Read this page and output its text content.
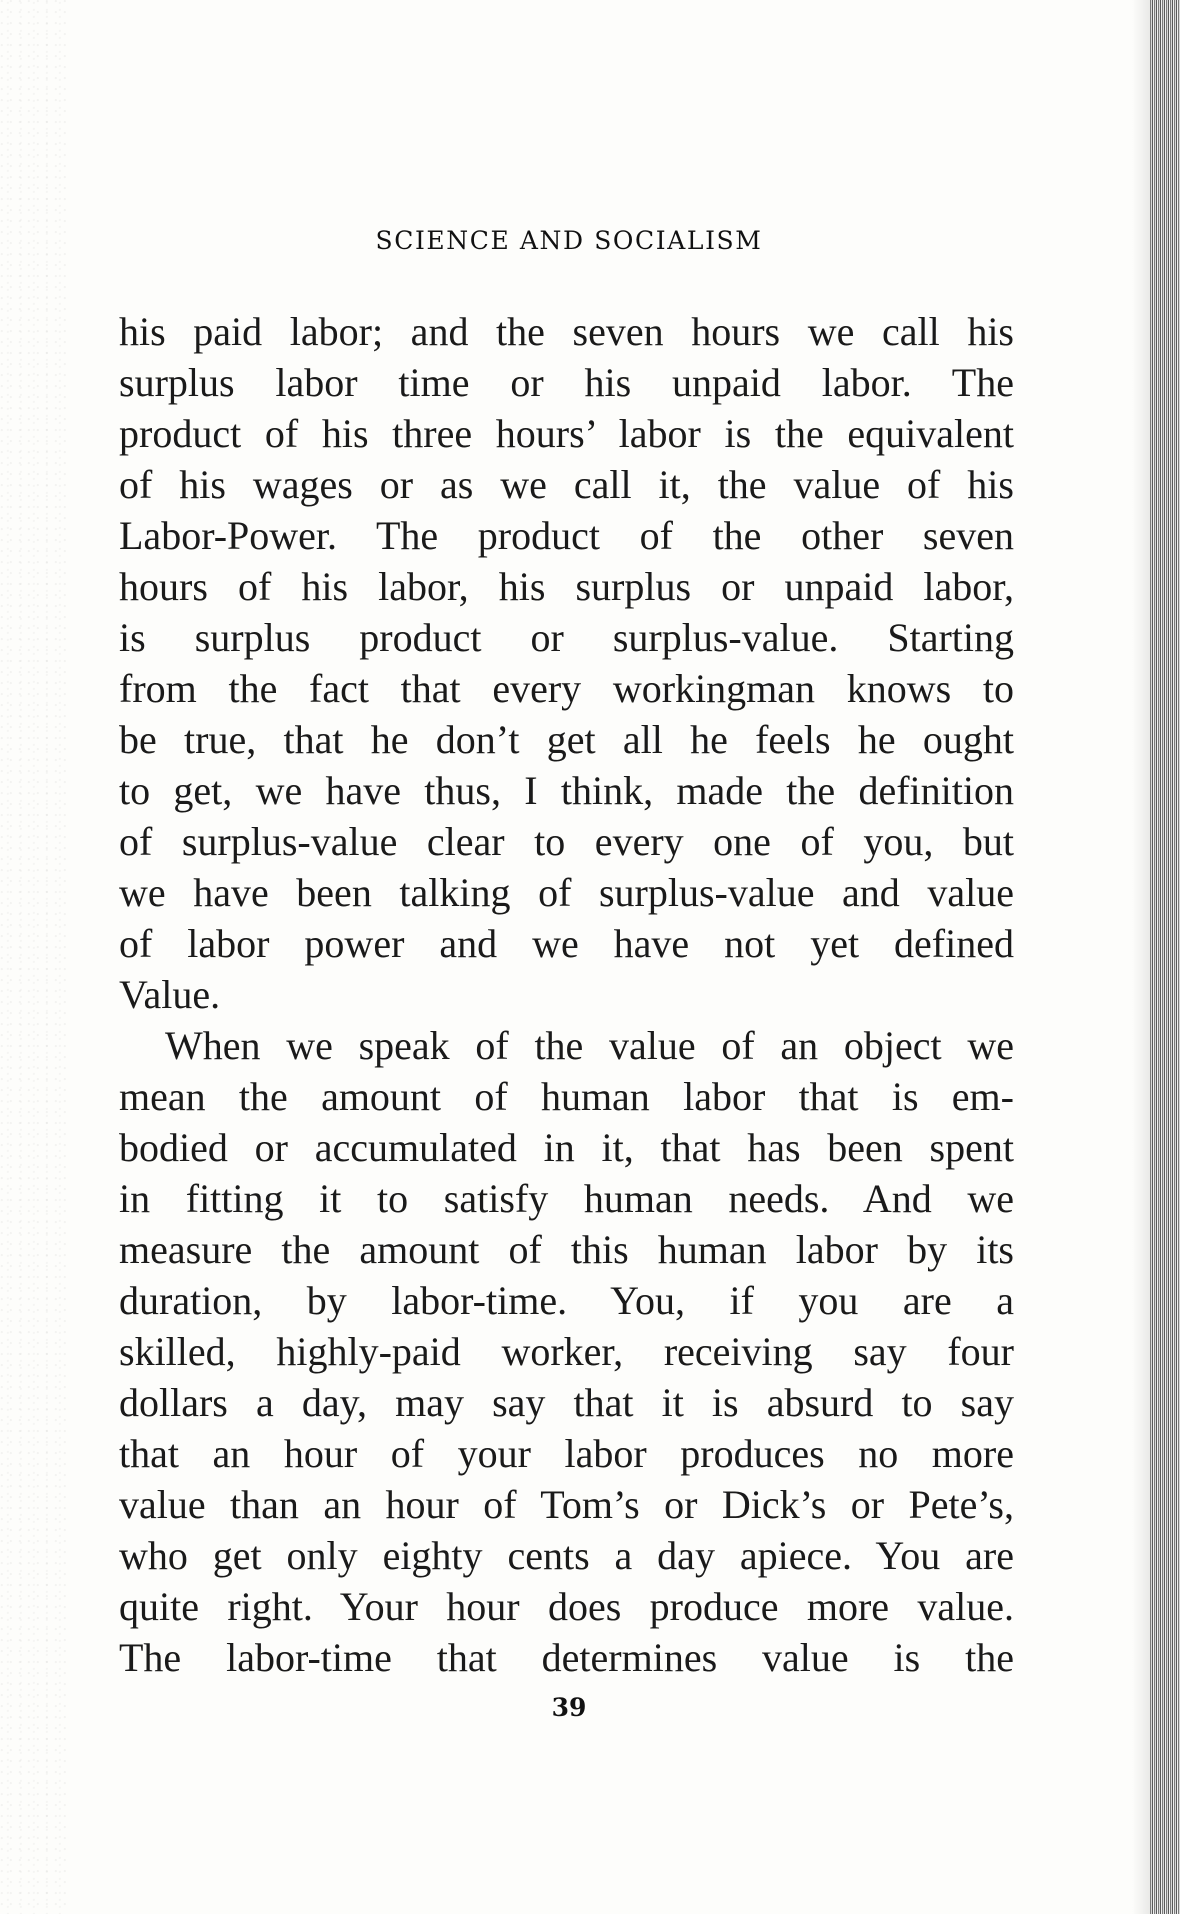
SCIENCE AND SOCIALISM

his paid labor; and the seven hours we call his
surplus labor time or his unpaid labor. The
product of his three hours’ labor is the equivalent
of his wages or as we call it, the value of his
Labor-Power. The product of the other seven
hours of his labor, his surplus or unpaid labor,
is surplus product or surplus-value. Starting
from the fact that every workingman knows to
be true, that he don’t get all he feels he ought
to get, we have thus, I think, made the definition
of surplus-value clear to every one of you, but
we have been talking of surplus-value and value
of labor power and we have not yet defined
Value.

When we speak of the value of an object we
mean the amount of human labor that is em-
bodied or accumulated in it, that has been spent
in fitting it to satisfy human needs. And we
measure the amount of this human labor by its
duration, by labor-time. You, if you are a
skilled, highly-paid worker, receiving say four
dollars a day, may say that it is absurd to say
that an hour of your labor produces no more
value than an hour of Tom’s or Dick’s or Pete’s,
who get only eighty cents a day apiece. You are
quite right. Your hour does produce more value.
The labor-time that determines value is the

39
